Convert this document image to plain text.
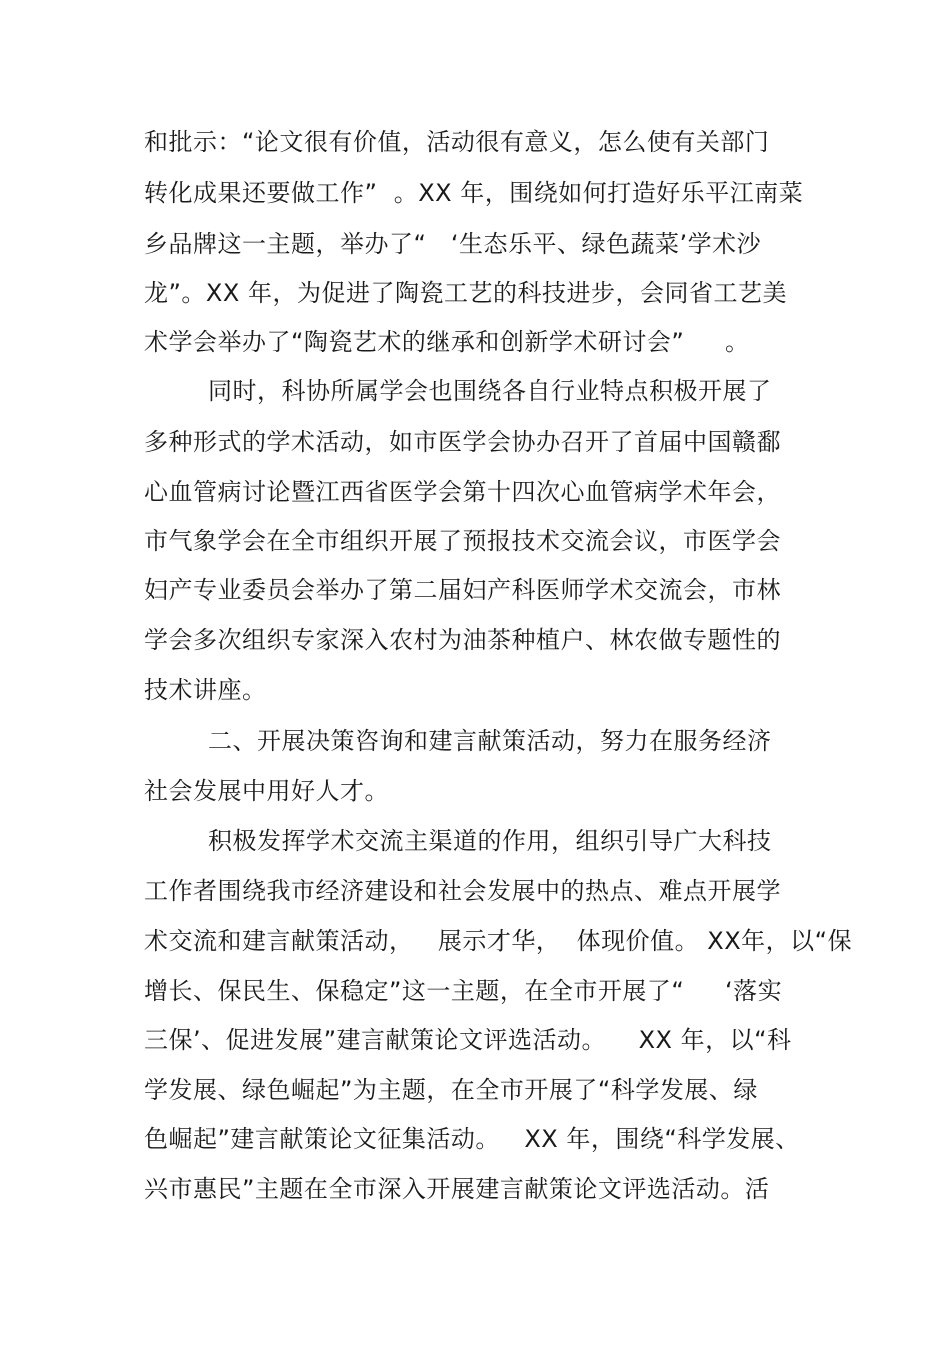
和批示：“论文很有价值，活动很有意义，怎么使有关部门
转化成果还要做工作”  。XX 年，围绕如何打造好乐平江南菜
乡品牌这一主题，举办了“   ‘生态乐平、绿色蔬菜’学术沙
龙”。XX 年，为促进了陶瓷工艺的科技进步，会同省工艺美
术学会举办了“陶瓷艺术的继承和创新学术研讨会”     。
同时，科协所属学会也围绕各自行业特点积极开展了
多种形式的学术活动，如市医学会协办召开了首届中国赣鄱
心血管病讨论暨江西省医学会第十四次心血管病学术年会，
市气象学会在全市组织开展了预报技术交流会议，市医学会
妇产专业委员会举办了第二届妇产科医师学术交流会，市林
学会多次组织专家深入农村为油茶种植户、林农做专题性的
技术讲座。
二、开展决策咨询和建言献策活动，努力在服务经济
社会发展中用好人才。
积极发挥学术交流主渠道的作用，组织引导广大科技
工作者围绕我市经济建设和社会发展中的热点、难点开展学
术交流和建言献策活动，   展示才华，  体现价值。 XX年，以“保
增长、保民生、保稳定”这一主题，在全市开展了“     ‘落实
三保’、促进发展”建言献策论文评选活动。    XX 年，以“科
学发展、绿色崛起”为主题，在全市开展了“科学发展、绿
色崛起”建言献策论文征集活动。   XX 年，围绕“科学发展、
兴市惠民”主题在全市深入开展建言献策论文评选活动。活
